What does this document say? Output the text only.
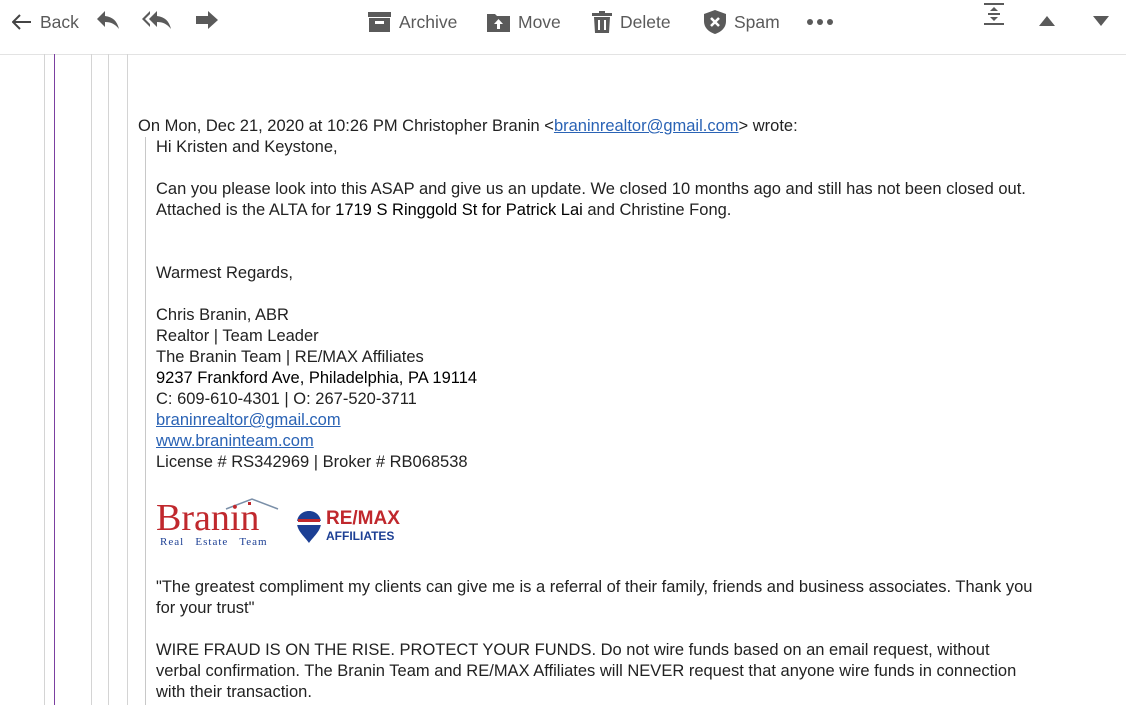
Back	Archive	Move	Delete	Spam
On Mon, Dec 21, 2020 at 10:26 PM Christopher Branin <braninrealtor@gmail.com> wrote:
Hi Kristen and Keystone,
Can you please look into this ASAP and give us an update. We closed 10 months ago and still has not been closed out.
Attached is the ALTA for 1719 S Ringgold St for Patrick Lai and Christine Fong.
Warmest Regards,
Chris Branin, ABR
Realtor | Team Leader
The Branin Team | RE/MAX Affiliates
9237 Frankford Ave, Philadelphia, PA 19114
C: 609-610-4301 | O: 267-520-3711
braninrealtor@gmail.com
www.braninteam.com
License # RS342969 | Broker # RB068538
Branin
Real   Estate   Team
RE/MAX
AFFILIATES
"The greatest compliment my clients can give me is a referral of their family, friends and business associates. Thank you
for your trust"
WIRE FRAUD IS ON THE RISE. PROTECT YOUR FUNDS. Do not wire funds based on an email request, without
verbal confirmation. The Branin Team and RE/MAX Affiliates will NEVER request that anyone wire funds in connection
with their transaction.
